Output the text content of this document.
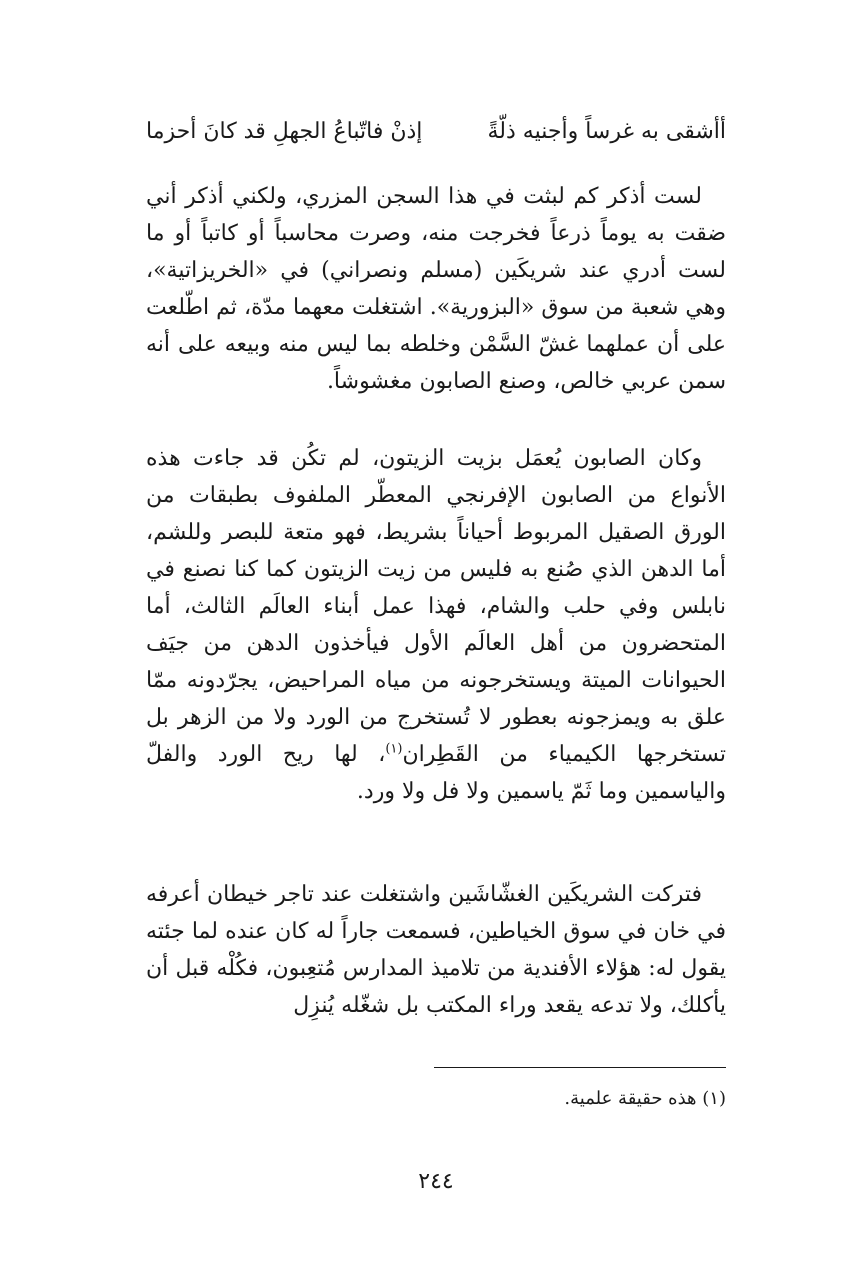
أأشقى به غرساً وأجنيه ذلّةً
إذنْ فاتّباعُ الجهلِ قد كانَ أحزما

لست أذكر كم لبثت في هذا السجن المزري، ولكني أذكر أني ضقت به يوماً ذرعاً فخرجت منه، وصرت محاسباً أو كاتباً أو ما لست أدري عند شريكَين (مسلم ونصراني) في «الخريزاتية»، وهي شعبة من سوق «البزورية». اشتغلت معهما مدّة، ثم اطّلعت على أن عملهما غشّ السَّمْن وخلطه بما ليس منه وبيعه على أنه سمن عربي خالص، وصنع الصابون مغشوشاً.

وكان الصابون يُعمَل بزيت الزيتون، لم تكُن قد جاءت هذه الأنواع من الصابون الإفرنجي المعطّر الملفوف بطبقات من الورق الصقيل المربوط أحياناً بشريط، فهو متعة للبصر وللشم، أما الدهن الذي صُنع به فليس من زيت الزيتون كما كنا نصنع في نابلس وفي حلب والشام، فهذا عمل أبناء العالَم الثالث، أما المتحضرون من أهل العالَم الأول فيأخذون الدهن من جيَف الحيوانات الميتة ويستخرجونه من مياه المراحيض، يجرّدونه ممّا علق به ويمزجونه بعطور لا تُستخرج من الورد ولا من الزهر بل تستخرجها الكيمياء من القَطِران$^{(١)}$، لها ريح الورد والفلّ والياسمين وما ثَمّ ياسمين ولا فل ولا ورد.

فتركت الشريكَين الغشّاشَين واشتغلت عند تاجر خيطان أعرفه في خان في سوق الخياطين، فسمعت جاراً له كان عنده لما جئته يقول له: هؤلاء الأفندية من تلاميذ المدارس مُتعِبون، فكُلْه قبل أن يأكلك، ولا تدعه يقعد وراء المكتب بل شغّله يُنزِل

(١) هذه حقيقة علمية.
٢٤٤
